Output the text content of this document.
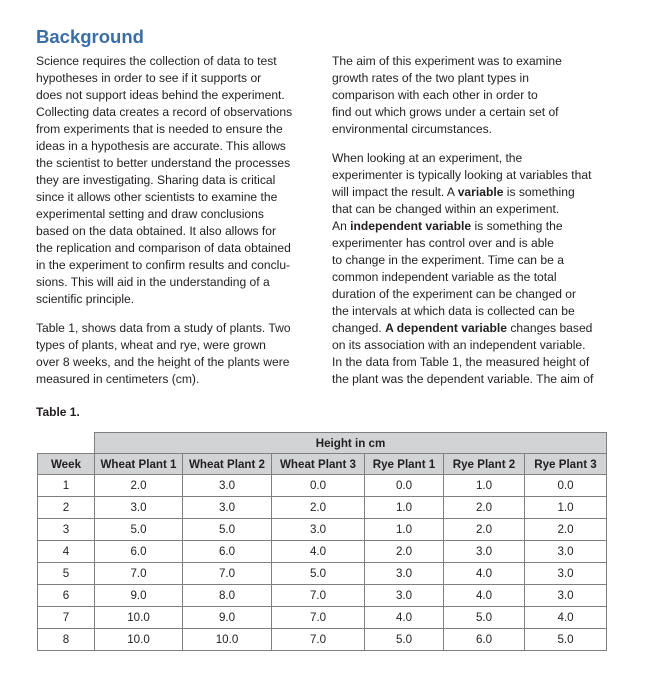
Background

Science requires the collection of data to test
hypotheses in order to see if it supports or
does not support ideas behind the experiment.
Collecting data creates a record of observations
from experiments that is needed to ensure the
ideas in a hypothesis are accurate. This allows
the scientist to better understand the processes
they are investigating. Sharing data is critical
since it allows other scientists to examine the
experimental setting and draw conclusions
based on the data obtained. It also allows for
the replication and comparison of data obtained
in the experiment to confirm results and conclu-
sions. This will aid in the understanding of a
scientific principle.

Table 1, shows data from a study of plants. Two
types of plants, wheat and rye, were grown
over 8 weeks, and the height of the plants were
measured in centimeters (cm).

The aim of this experiment was to examine
growth rates of the two plant types in
comparison with each other in order to
find out which grows under a certain set of
environmental circumstances.

When looking at an experiment, the
experimenter is typically looking at variables that
will impact the result. A variable is something
that can be changed within an experiment.

An independent variable is something the
experimenter has control over and is able
to change in the experiment. Time can be a
common independent variable as the total
duration of the experiment can be changed or
the intervals at which data is collected can be
changed. A dependent variable changes based
on its association with an independent variable.
In the data from Table 1, the measured height of
the plant was the dependent variable. The aim of

Table 1.
	Height in cm					
Week	Wheat Plant 1	Wheat Plant 2	Wheat Plant 3	Rye Plant 1	Rye Plant 2	Rye Plant 3
1	2.0	3.0	0.0	0.0	1.0	0.0
2	3.0	3.0	2.0	1.0	2.0	1.0
3	5.0	5.0	3.0	1.0	2.0	2.0
4	6.0	6.0	4.0	2.0	3.0	3.0
5	7.0	7.0	5.0	3.0	4.0	3.0
6	9.0	8.0	7.0	3.0	4.0	3.0
7	10.0	9.0	7.0	4.0	5.0	4.0
8	10.0	10.0	7.0	5.0	6.0	5.0
